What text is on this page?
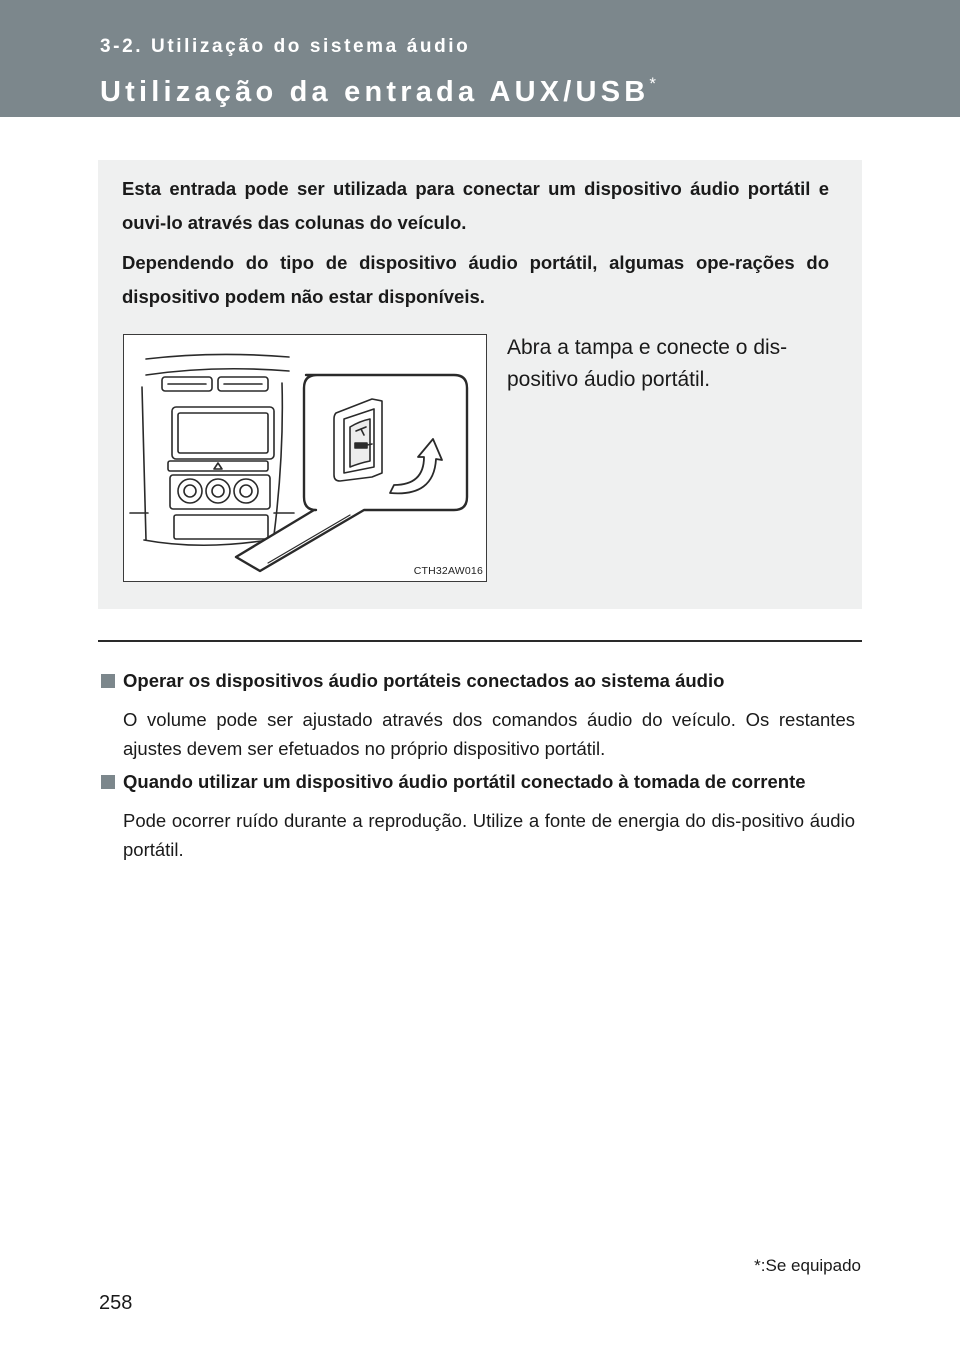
3-2. Utilização do sistema áudio
Utilização da entrada AUX/USB*

Esta entrada pode ser utilizada para conectar um dispositivo áudio portátil e ouvi-lo através das colunas do veículo.

Dependendo do tipo de dispositivo áudio portátil, algumas ope-rações do dispositivo podem não estar disponíveis.

CTH32AW016

Abra a tampa e conecte o dis-positivo áudio portátil.

Operar os dispositivos áudio portáteis conectados ao sistema áudio

O volume pode ser ajustado através dos comandos áudio do veículo. Os restantes ajustes devem ser efetuados no próprio dispositivo portátil.

Quando utilizar um dispositivo áudio portátil conectado à tomada de corrente

Pode ocorrer ruído durante a reprodução. Utilize a fonte de energia do dis-positivo áudio portátil.

*:Se equipado
258
